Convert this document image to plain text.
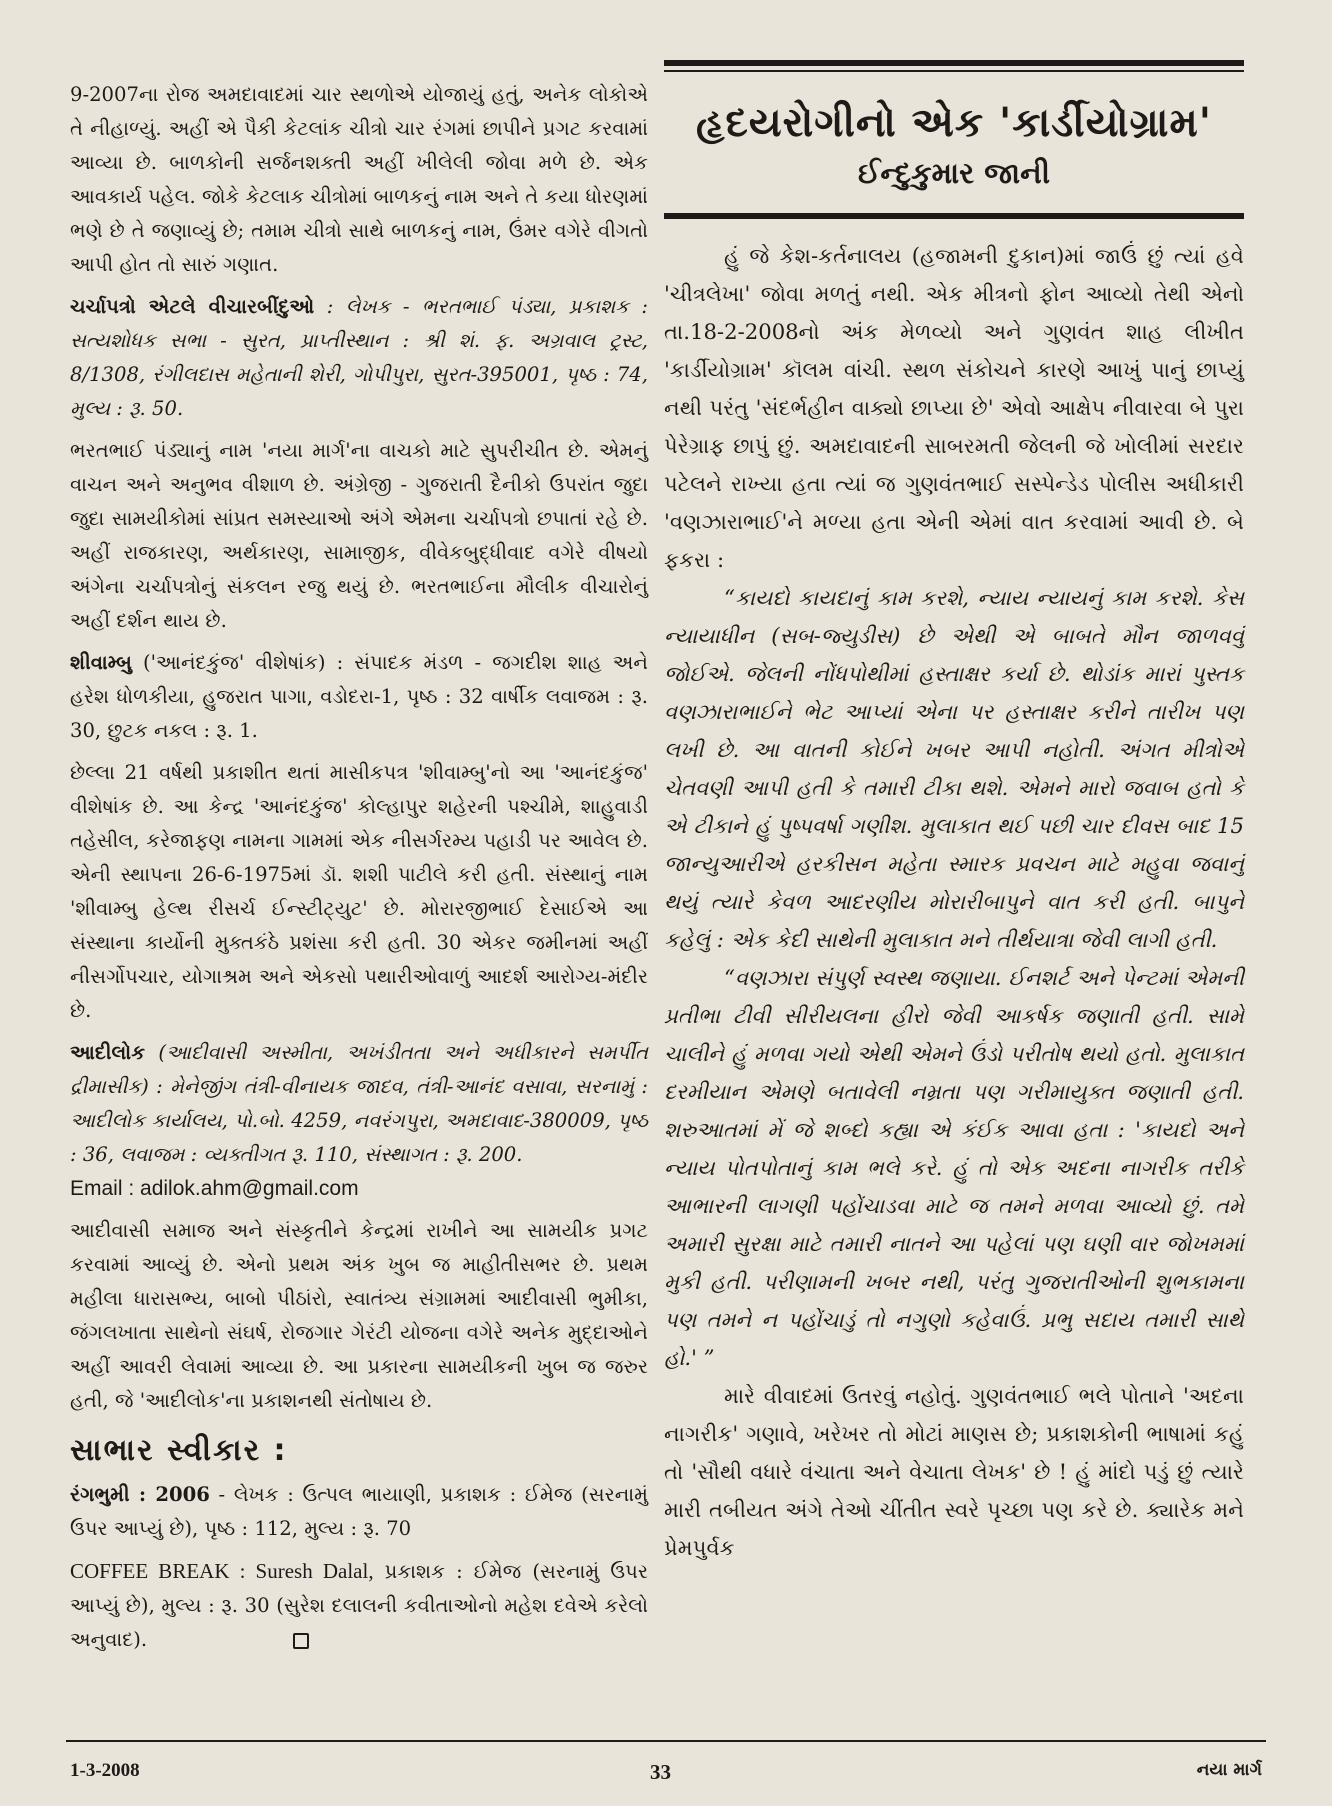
9-2007ના રોજ અમદાવાદમાં ચાર સ્થળોએ યોજાયું હતું, અનેક લોકોએ તે નીહાળ્યું. અહીં એ પૈકી કેટલાંક ચીત્રો ચાર રંગમાં છાપીને પ્રગટ કરવામાં આવ્યા છે. બાળકોની સર્જનશક્તી અહીં ખીલેલી જોવા મળે છે. એક આવકાર્ય પહેલ. જોકે કેટલાક ચીત્રોમાં બાળકનું નામ અને તે કયા ધોરણમાં ભણે છે તે જણાવ્યું છે; તમામ ચીત્રો સાથે બાળકનું નામ, ઉંમર વગેરે વીગતો આપી હોત તો સારું ગણાત.

ચર્ચાપત્રો એટલે વીચારબીંદુઓ : લેખક - ભરતભાઈ પંડ્યા, પ્રકાશક : સત્યશોધક સભા - સુરત, પ્રાપ્તીસ્થાન : શ્રી શં. ફ. અગ્રવાલ ટ્રસ્ટ, 8/1308, રંગીલદાસ મહેતાની શેરી, ગોપીપુરા, સુરત-395001, પૃષ્ઠ : 74, મુલ્ય : રૂ. 50.

ભરતભાઈ પંડ્યાનું નામ 'નયા માર્ગ'ના વાચકો માટે સુપરીચીત છે. એમનું વાચન અને અનુભવ વીશાળ છે. અંગ્રેજી - ગુજરાતી દૈનીકો ઉપરાંત જુદા જુદા સામયીકોમાં સાંપ્રત સમસ્યાઓ અંગે એમના ચર્ચાપત્રો છપાતાં રહે છે. અહીં રાજકારણ, અર્થકારણ, સામાજીક, વીવેકબુદ્ધીવાદ વગેરે વીષયો અંગેના ચર્ચાપત્રોનું સંકલન રજુ થયું છે. ભરતભાઈના મૌલીક વીચારોનું અહીં દર્શન થાય છે.

શીવામ્બુ ('આનંદકુંજ' વીશેષાંક) : સંપાદક મંડળ - જગદીશ શાહ અને હરેશ ધોળકીયા, હુજરાત પાગા, વડોદરા-1, પૃષ્ઠ : 32 વાર્ષીક લવાજમ : રૂ. 30, છુટક નકલ : રૂ. 1.

છેલ્લા 21 વર્ષથી પ્રકાશીત થતાં માસીકપત્ર 'શીવામ્બુ'નો આ 'આનંદકુંજ' વીશેષાંક છે. આ કેન્દ્ર 'આનંદકુંજ' કોલ્હાપુર શહેરની પશ્ચીમે, શાહુવાડી તહેસીલ, કરેજાફણ નામના ગામમાં એક નીસર્ગરમ્ય પહાડી પર આવેલ છે. એની સ્થાપના 26-6-1975માં ડૉ. શશી પાટીલે કરી હતી. સંસ્થાનું નામ 'શીવામ્બુ હેલ્થ રીસર્ચ ઈન્સ્ટીટ્યુટ' છે. મોરારજીભાઈ દેસાઈએ આ સંસ્થાના કાર્યોની મુક્તકંઠે પ્રશંસા કરી હતી. 30 એકર જમીનમાં અહીં નીસર્ગોપચાર, યોગાશ્રમ અને એકસો પથારીઓવાળું આદર્શ આરોગ્ય-મંદીર છે.

આદીલોક (આદીવાસી અસ્મીતા, અખંડીતતા અને અધીકારને સમર્પીત દ્રીમાસીક) : મેનેજીંગ તંત્રી-વીનાયક જાદવ, તંત્રી-આનંદ વસાવા, સરનામું : આદીલોક કાર્યાલય, પો.બો. 4259, નવરંગપુરા, અમદાવાદ-380009, પૃષ્ઠ : 36, લવાજમ : વ્યક્તીગત રૂ. 110, સંસ્થાગત : રૂ. 200.
Email : adilok.ahm@gmail.com

આદીવાસી સમાજ અને સંસ્કૃતીને કેન્દ્રમાં રાખીને આ સામયીક પ્રગટ કરવામાં આવ્યું છે. એનો પ્રથમ અંક ખુબ જ માહીતીસભર છે. પ્રથમ મહીલા ધારાસભ્ય, બાબો પીઠાંરો, સ્વાતંત્ર્ય સંગ્રામમાં આદીવાસી ભુમીકા, જંગલખાતા સાથેનો સંઘર્ષ, રોજગાર ગેરંટી યોજના વગેરે અનેક મુદ્દાઓને અહીં આવરી લેવામાં આવ્યા છે. આ પ્રકારના સામયીકની ખુબ જ જરુર હતી, જે 'આદીલોક'ના પ્રકાશનથી સંતોષાય છે.

સાભાર સ્વીકાર :

રંગભુમી : 2006 - લેખક : ઉત્પલ ભાયાણી, પ્રકાશક : ઈમેજ (સરનામું ઉપર આપ્યું છે), પૃષ્ઠ : 112, મુલ્ય : રૂ. 70

COFFEE BREAK : Suresh Dalal, પ્રકાશક : ઈમેજ (સરનામું ઉપર આપ્યું છે), મુલ્ય : રૂ. 30 (સુરેશ દલાલની કવીતાઓનો મહેશ દવેએ કરેલો અનુવાદ).

હૃદયરોગીનો એક 'કાર્ડીયોગ્રામ'
ઈન્દુકુમાર જાની

હું જે કેશ-કર્તનાલય (હજામની દુકાન)માં જાઉં છું ત્યાં હવે 'ચીત્રલેખા' જોવા મળતું નથી. એક મીત્રનો ફોન આવ્યો તેથી એનો તા.18-2-2008નો અંક મેળવ્યો અને ગુણવંત શાહ લીખીત 'કાર્ડીયોગ્રામ' કૉલમ વાંચી. સ્થળ સંકોચને કારણે આખું પાનું છાપ્યું નથી પરંતુ 'સંદર્ભહીન વાક્યો છાપ્યા છે' એવો આક્ષેપ નીવારવા બે પુરા પેરેગ્રાફ છાપું છું. અમદાવાદની સાબરમતી જેલની જે ખોલીમાં સરદાર પટેલને રાખ્યા હતા ત્યાં જ ગુણવંતભાઈ સસ્પેન્ડેડ પોલીસ અધીકારી 'વણઝારાભાઈ'ને મળ્યા હતા એની એમાં વાત કરવામાં આવી છે. બે ફકરા :

“કાયદો કાયદાનું કામ કરશે, ન્યાય ન્યાયનું કામ કરશે. કેસ ન્યાયાધીન (સબ-જ્યુડીસ) છે એથી એ બાબતે મૌન જાળવવું જોઈએ. જેલની નોંધપોથીમાં હસ્તાક્ષર કર્યા છે. થોડાંક મારાં પુસ્તક વણઝારાભાઈને ભેટ આપ્યાં એના પર હસ્તાક્ષર કરીને તારીખ પણ લખી છે. આ વાતની કોઈને ખબર આપી નહોતી. અંગત મીત્રોએ ચેતવણી આપી હતી કે તમારી ટીકા થશે. એમને મારો જવાબ હતો કે એ ટીકાને હું પુષ્પવર્ષા ગણીશ. મુલાકાત થઈ પછી ચાર દીવસ બાદ 15 જાન્યુઆરીએ હરકીસન મહેતા સ્મારક પ્રવચન માટે મહુવા જવાનું થયું ત્યારે કેવળ આદરણીય મોરારીબાપુને વાત કરી હતી. બાપુને કહેલું : એક કેદી સાથેની મુલાકાત મને તીર્થયાત્રા જેવી લાગી હતી.

“વણઝારા સંપુર્ણ સ્વસ્થ જણાયા. ઈનશર્ટ અને પેન્ટમાં એમની પ્રતીભા ટીવી સીરીયલના હીરો જેવી આકર્ષક જણાતી હતી. સામે ચાલીને હું મળવા ગયો એથી એમને ઉંડો પરીતોષ થયો હતો. મુલાકાત દરમીયાન એમણે બતાવેલી નમ્રતા પણ ગરીમાયુક્ત જણાતી હતી. શરુઆતમાં મેં જે શબ્દો કહ્યા એ કંઈક આવા હતા : 'કાયદો અને ન્યાય પોતપોતાનું કામ ભલે કરે. હું તો એક અદના નાગરીક તરીકે આભારની લાગણી પહોંચાડવા માટે જ તમને મળવા આવ્યો છું. તમે અમારી સુરક્ષા માટે તમારી નાતને આ પહેલાં પણ ઘણી વાર જોખમમાં મુકી હતી. પરીણામની ખબર નથી, પરંતુ ગુજરાતીઓની શુભકામના પણ તમને ન પહોંચાડું તો નગુણો કહેવાઉં. પ્રભુ સદાય તમારી સાથે હો.' ”

મારે વીવાદમાં ઉતરવું નહોતું. ગુણવંતભાઈ ભલે પોતાને 'અદના નાગરીક' ગણાવે, ખરેખર તો મોટાં માણસ છે; પ્રકાશકોની ભાષામાં કહું તો 'સૌથી વધારે વંચાતા અને વેચાતા લેખક' છે ! હું માંદો પડું છું ત્યારે મારી તબીયત અંગે તેઓ ચીંતીત સ્વરે પૃચ્છા પણ કરે છે. ક્યારેક મને પ્રેમપુર્વક

1-3-2008	33	નયા માર્ગ
